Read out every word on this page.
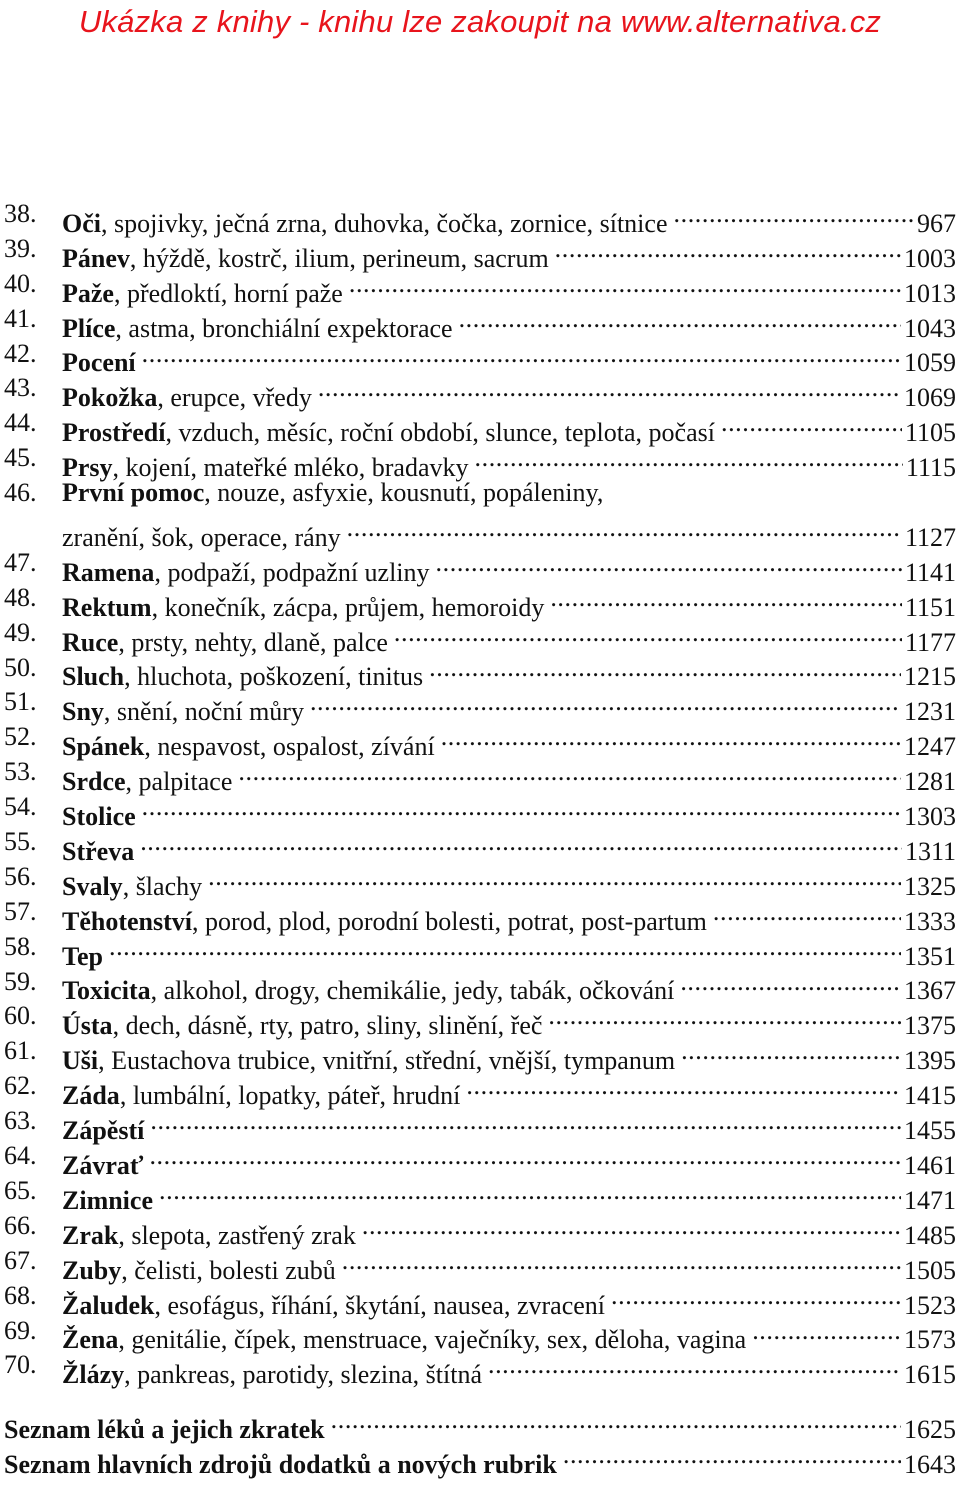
Ukázka z knihy - knihu lze zakoupit na www.alternativa.cz
38. Oči, spojivky, ječná zrna, duhovka, čočka, zornice, sítnice .....	967
39. Pánev, hýždě, kostrč, ilium, perineum, sacrum .....	1003
40. Paže, předloktí, horní paže .....	1013
41. Plíce, astma, bronchiální expektorace .....	1043
42. Pocení .....	1059
43. Pokožka, erupce, vředy .....	1069
44. Prostředí, vzduch, měsíc, roční období, slunce, teplota, počasí .....	1105
45. Prsy, kojení, mateřké mléko, bradavky .....	1115
46. První pomoc, nouze, asfyxie, kousnutí, popáleniny,
zranění, šok, operace, rány .....	1127
47. Ramena, podpaží, podpažní uzliny .....	1141
48. Rektum, konečník, zácpa, průjem, hemoroidy .....	1151
49. Ruce, prsty, nehty, dlaně, palce .....	1177
50. Sluch, hluchota, poškození, tinitus .....	1215
51. Sny, snění, noční můry .....	1231
52. Spánek, nespavost, ospalost, zívání .....	1247
53. Srdce, palpitace .....	1281
54. Stolice .....	1303
55. Střeva .....	1311
56. Svaly, šlachy .....	1325
57. Těhotenství, porod, plod, porodní bolesti, potrat, post-partum .....	1333
58. Tep .....	1351
59. Toxicita, alkohol, drogy, chemikálie, jedy, tabák, očkování .....	1367
60. Ústa, dech, dásně, rty, patro, sliny, slinění, řeč .....	1375
61. Uši, Eustachova trubice, vnitřní, střední, vnější, tympanum .....	1395
62. Záda, lumbální, lopatky, páteř, hrudní .....	1415
63. Zápěstí .....	1455
64. Závrať .....	1461
65. Zimnice .....	1471
66. Zrak, slepota, zastřený zrak .....	1485
67. Zuby, čelisti, bolesti zubů .....	1505
68. Žaludek, esofágus, říhání, škytání, nausea, zvracení .....	1523
69. Žena, genitálie, čípek, menstruace, vaječníky, sex, děloha, vagina .....	1573
70. Žlázy, pankreas, parotidy, slezina, štítná .....	1615
Seznam léků a jejich zkratek .....	1625
Seznam hlavních zdrojů dodatků a nových rubrik .....	1643
